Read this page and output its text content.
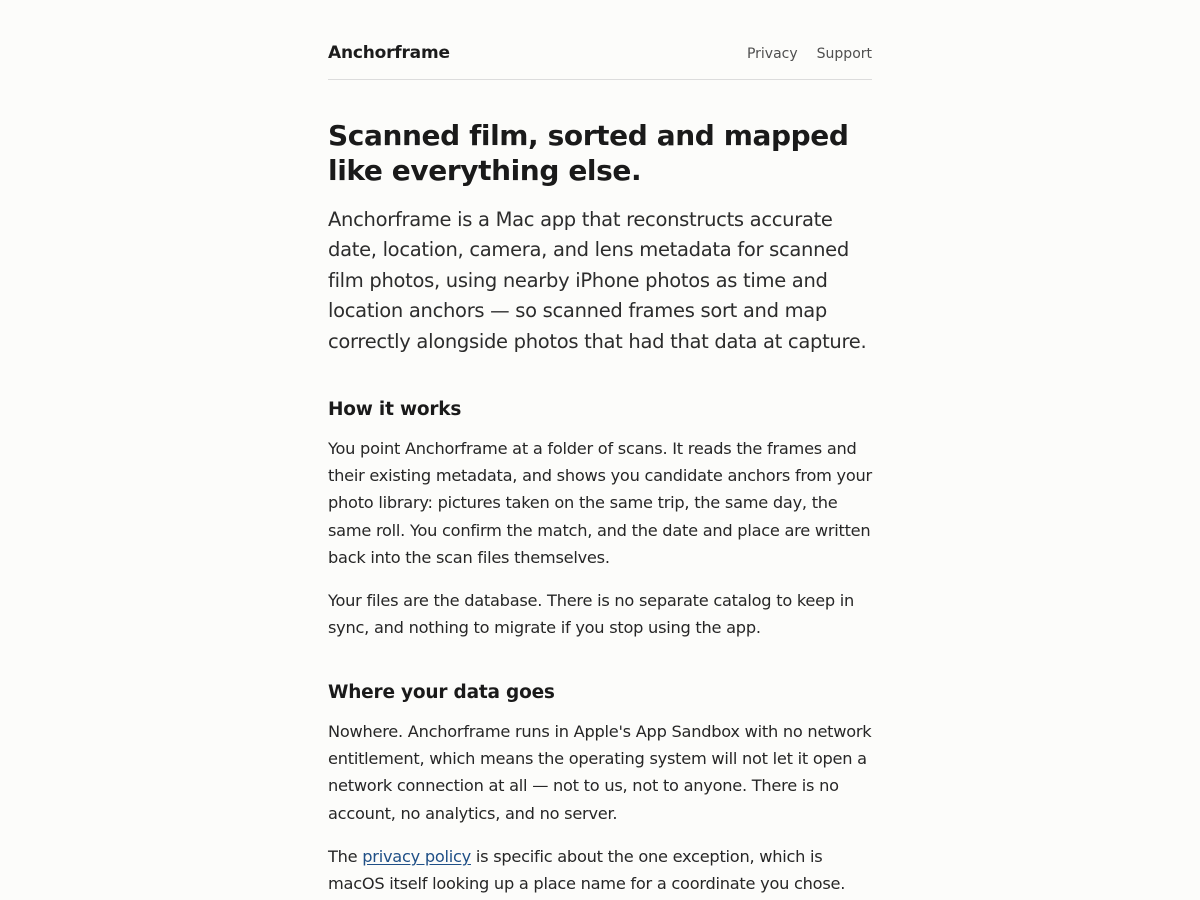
Anchorframe	Privacy Support
Scanned film, sorted and mapped like everything else.

Anchorframe is a Mac app that reconstructs accurate date, location, camera, and lens metadata for scanned film photos, using nearby iPhone photos as time and location anchors — so scanned frames sort and map correctly alongside photos that had that data at capture.

How it works

You point Anchorframe at a folder of scans. It reads the frames and their existing metadata, and shows you candidate anchors from your photo library: pictures taken on the same trip, the same day, the same roll. You confirm the match, and the date and place are written back into the scan files themselves.

Your files are the database. There is no separate catalog to keep in sync, and nothing to migrate if you stop using the app.

Where your data goes

Nowhere. Anchorframe runs in Apple's App Sandbox with no network entitlement, which means the operating system will not let it open a network connection at all — not to us, not to anyone. There is no account, no analytics, and no server.

The privacy policy is specific about the one exception, which is macOS itself looking up a place name for a coordinate you chose.
